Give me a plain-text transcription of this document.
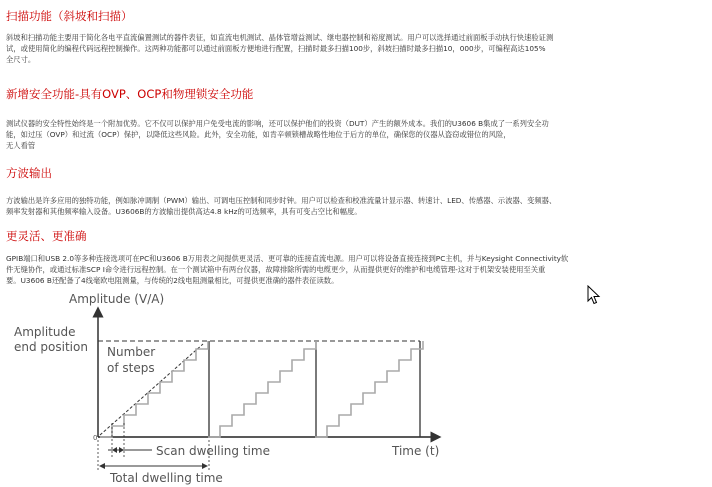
扫描功能（斜坡和扫描）
斜坡和扫描功能主要用于简化各电平直流偏置测试的器件表征，如直流电机测试、晶体管增益测试、继电器控制和裕度测试。用户可以选择通过前面板手动执行快速验证测
试，或使用简化的编程代码远程控制操作。这两种功能都可以通过前面板方便地进行配置，扫描时最多扫描100步，斜坡扫描时最多扫描10，000步，可编程高达105%
全尺寸。
新增安全功能-具有OVP、OCP和物理锁安全功能
测试仪器的安全特性始终是一个附加优势。它不仅可以保护用户免受电流的影响，还可以保护他们的投资（DUT）产生的额外成本。我们的U3606 B集成了一系列安全功
能，如过压（OVP）和过流（OCP）保护，以降低这些风险。此外，安全功能，如肯辛顿锁槽战略性地位于后方的单位，确保您的仪器从盗窃或错位的风险，
无人看管
方波输出
方波输出是许多应用的独特功能，例如脉冲调制（PWM）输出、可调电压控制和同步时钟。用户可以检查和校准流量计显示器、转速计、LED、传感器、示波器、变频器、
频率发射器和其他频率输入设备。U3606B的方波输出提供高达4.8 kHz的可选频率，具有可变占空比和幅度。
更灵活、更准确
GPIB端口和USB 2.0等多种连接选项可在PC和U3606 B万用表之间提供更灵活、更可靠的连接直流电源。用户可以将设备直接连接到PC主机，并与Keysight Connectivity软
件无缝协作，或通过标准SCP I命令进行远程控制。在一个测试箱中有两台仪器，故障排除所需的电缆更少，从而提供更好的维护和电缆管理-这对于机架安装使用至关重
要。U3606 B还配备了4线毫欧电阻测量，与传统的2线电阻测量相比，可提供更准确的器件表征读数。
Amplitude (V/A)
Time (t)
0
Amplitude
end position Number
of steps
Scan dwelling time
Total dwelling time
